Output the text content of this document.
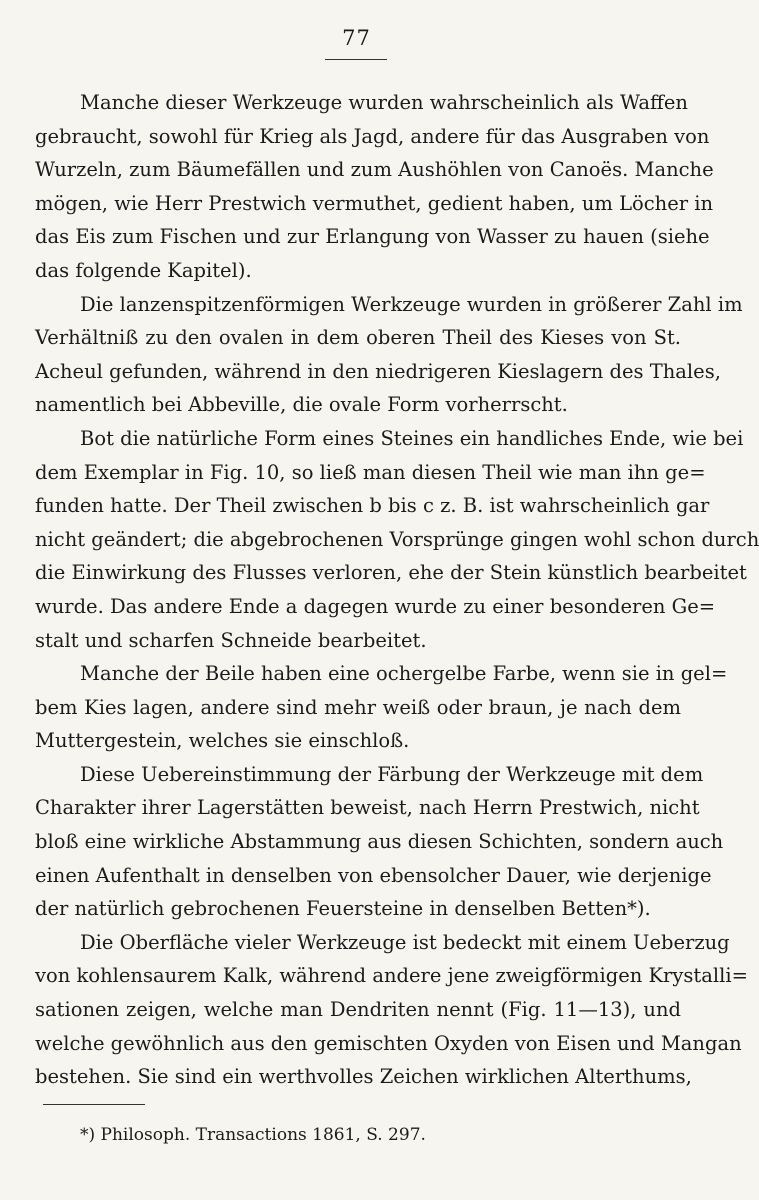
77
Manche dieser Werkzeuge wurden wahrscheinlich als Waffen
gebraucht, sowohl für Krieg als Jagd, andere für das Ausgraben von
Wurzeln, zum Bäumefällen und zum Aushöhlen von Canoës. Manche
mögen, wie Herr Prestwich vermuthet, gedient haben, um Löcher in
das Eis zum Fischen und zur Erlangung von Wasser zu hauen (siehe
das folgende Kapitel).
Die lanzenspitzenförmigen Werkzeuge wurden in größerer Zahl im
Verhältniß zu den ovalen in dem oberen Theil des Kieses von St.
Acheul gefunden, während in den niedrigeren Kieslagern des Thales,
namentlich bei Abbeville, die ovale Form vorherrscht.
Bot die natürliche Form eines Steines ein handliches Ende, wie bei
dem Exemplar in Fig. 10, so ließ man diesen Theil wie man ihn ge=
funden hatte. Der Theil zwischen b bis c z. B. ist wahrscheinlich gar
nicht geändert; die abgebrochenen Vorsprünge gingen wohl schon durch
die Einwirkung des Flusses verloren, ehe der Stein künstlich bearbeitet
wurde. Das andere Ende a dagegen wurde zu einer besonderen Ge=
stalt und scharfen Schneide bearbeitet.
Manche der Beile haben eine ochergelbe Farbe, wenn sie in gel=
bem Kies lagen, andere sind mehr weiß oder braun, je nach dem
Muttergestein, welches sie einschloß.
Diese Uebereinstimmung der Färbung der Werkzeuge mit dem
Charakter ihrer Lagerstätten beweist, nach Herrn Prestwich, nicht
bloß eine wirkliche Abstammung aus diesen Schichten, sondern auch
einen Aufenthalt in denselben von ebensolcher Dauer, wie derjenige
der natürlich gebrochenen Feuersteine in denselben Betten*).
Die Oberfläche vieler Werkzeuge ist bedeckt mit einem Ueberzug
von kohlensaurem Kalk, während andere jene zweigförmigen Krystalli=
sationen zeigen, welche man Dendriten nennt (Fig. 11—13), und
welche gewöhnlich aus den gemischten Oxyden von Eisen und Mangan
bestehen. Sie sind ein werthvolles Zeichen wirklichen Alterthums,
*) Philosoph. Transactions 1861, S. 297.
